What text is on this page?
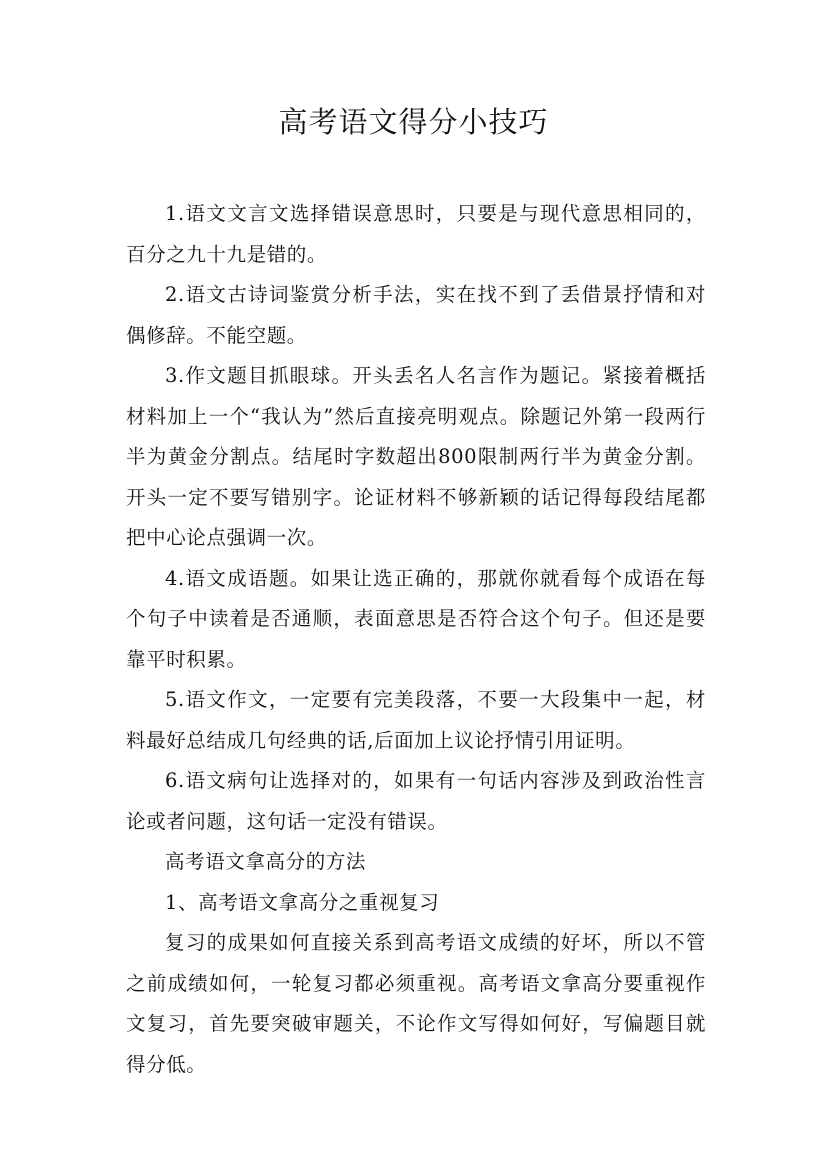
高考语文得分小技巧

1.语文文言文选择错误意思时，只要是与现代意思相同的，百分之九十九是错的。

2.语文古诗词鉴赏分析手法，实在找不到了丢借景抒情和对偶修辞。不能空题。

3.作文题目抓眼球。开头丢名人名言作为题记。紧接着概括材料加上一个“我认为”然后直接亮明观点。除题记外第一段两行半为黄金分割点。结尾时字数超出800限制两行半为黄金分割。开头一定不要写错别字。论证材料不够新颖的话记得每段结尾都把中心论点强调一次。

4.语文成语题。如果让选正确的，那就你就看每个成语在每个句子中读着是否通顺，表面意思是否符合这个句子。但还是要靠平时积累。

5.语文作文，一定要有完美段落，不要一大段集中一起，材料最好总结成几句经典的话,后面加上议论抒情引用证明。

6.语文病句让选择对的，如果有一句话内容涉及到政治性言论或者问题，这句话一定没有错误。

高考语文拿高分的方法

1、高考语文拿高分之重视复习

复习的成果如何直接关系到高考语文成绩的好坏，所以不管之前成绩如何，一轮复习都必须重视。高考语文拿高分要重视作文复习，首先要突破审题关，不论作文写得如何好，写偏题目就得分低。
